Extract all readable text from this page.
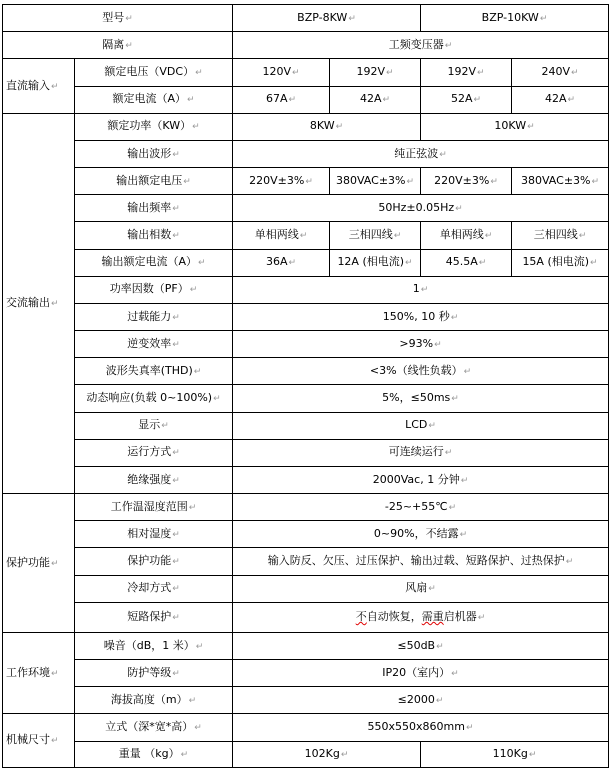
型号 ↵		BZP-8KW ↵		BZP-10KW ↵
隔离 ↵		工频变压器 ↵
直流输入 ↵	额定电压（VDC） ↵	120V ↵	192V ↵	192V ↵	240V ↵
	额定电流（A） ↵	67A ↵	42A ↵	52A ↵	42A ↵
交流输出 ↵	额定功率（KW） ↵	8KW ↵		10KW ↵
	输出波形 ↵	纯正弦波 ↵
	输出额定电压 ↵	220V±3% ↵	380VAC±3% ↵	220V±3% ↵	380VAC±3% ↵
	输出频率 ↵	50Hz±0.05Hz ↵
	输出相数 ↵	单相两线 ↵	三相四线 ↵	单相两线 ↵	三相四线 ↵
	输出额定电流（A） ↵	36A ↵	12A (相电流) ↵	45.5A ↵	15A (相电流) ↵
	功率因数（PF） ↵	1 ↵
	过载能力 ↵	150%, 10 秒 ↵
	逆变效率 ↵	>93% ↵
	波形失真率(THD) ↵	<3%（线性负载） ↵
	动态响应(负载 0~100%) ↵	5%，≤50ms ↵
	显示 ↵	LCD ↵
	运行方式 ↵	可连续运行 ↵
	绝缘强度 ↵	2000Vac, 1 分钟 ↵
保护功能 ↵	工作温湿度范围 ↵	-25~+55℃ ↵
	相对湿度 ↵	0~90%，不结露 ↵
	保护功能 ↵	输入防反、欠压、过压保护、输出过载、短路保护、过热保护 ↵
	冷却方式 ↵	风扇 ↵
	短路保护 ↵	不自动恢复，需重启机器 ↵
工作环境 ↵	噪音（dB，1 米） ↵	≤50dB ↵
	防护等级 ↵	IP20（室内） ↵
	海拔高度（m） ↵	≤2000 ↵
机械尺寸 ↵	立式（深*宽*高） ↵	550x550x860mm ↵
	重量 （kg） ↵	102Kg ↵		110Kg ↵
